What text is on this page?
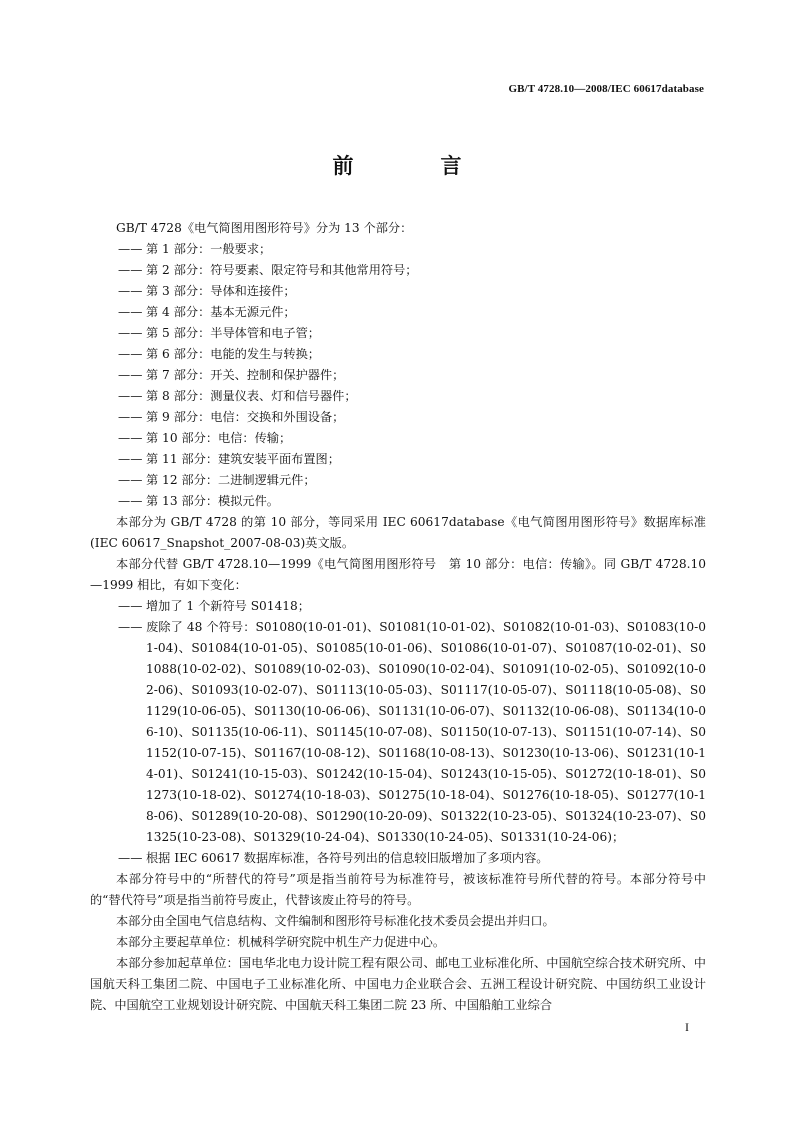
GB/T 4728.10—2008/IEC 60617database
前　言

GB/T 4728《电气简图用图形符号》分为 13 个部分：

—— 第 1 部分：一般要求；

—— 第 2 部分：符号要素、限定符号和其他常用符号；

—— 第 3 部分：导体和连接件；

—— 第 4 部分：基本无源元件；

—— 第 5 部分：半导体管和电子管；

—— 第 6 部分：电能的发生与转换；

—— 第 7 部分：开关、控制和保护器件；

—— 第 8 部分：测量仪表、灯和信号器件；

—— 第 9 部分：电信：交换和外围设备；

—— 第 10 部分：电信：传输；

—— 第 11 部分：建筑安装平面布置图；

—— 第 12 部分：二进制逻辑元件；

—— 第 13 部分：模拟元件。

本部分为 GB/T 4728 的第 10 部分，等同采用 IEC 60617database《电气简图用图形符号》数据库标准(IEC 60617_Snapshot_2007-08-03)英文版。

本部分代替 GB/T 4728.10—1999《电气简图用图形符号　第 10 部分：电信：传输》。同 GB/T 4728.10—1999 相比，有如下变化：

—— 增加了 1 个新符号 S01418；

—— 废除了 48 个符号：S01080(10-01-01)、S01081(10-01-02)、S01082(10-01-03)、S01083(10-01-04)、S01084(10-01-05)、S01085(10-01-06)、S01086(10-01-07)、S01087(10-02-01)、S01088(10-02-02)、S01089(10-02-03)、S01090(10-02-04)、S01091(10-02-05)、S01092(10-02-06)、S01093(10-02-07)、S01113(10-05-03)、S01117(10-05-07)、S01118(10-05-08)、S01129(10-06-05)、S01130(10-06-06)、S01131(10-06-07)、S01132(10-06-08)、S01134(10-06-10)、S01135(10-06-11)、S01145(10-07-08)、S01150(10-07-13)、S01151(10-07-14)、S01152(10-07-15)、S01167(10-08-12)、S01168(10-08-13)、S01230(10-13-06)、S01231(10-14-01)、S01241(10-15-03)、S01242(10-15-04)、S01243(10-15-05)、S01272(10-18-01)、S01273(10-18-02)、S01274(10-18-03)、S01275(10-18-04)、S01276(10-18-05)、S01277(10-18-06)、S01289(10-20-08)、S01290(10-20-09)、S01322(10-23-05)、S01324(10-23-07)、S01325(10-23-08)、S01329(10-24-04)、S01330(10-24-05)、S01331(10-24-06)；

—— 根据 IEC 60617 数据库标准，各符号列出的信息较旧版增加了多项内容。

本部分符号中的“所替代的符号”项是指当前符号为标准符号，被该标准符号所代替的符号。本部分符号中的“替代符号”项是指当前符号废止，代替该废止符号的符号。

本部分由全国电气信息结构、文件编制和图形符号标准化技术委员会提出并归口。

本部分主要起草单位：机械科学研究院中机生产力促进中心。

本部分参加起草单位：国电华北电力设计院工程有限公司、邮电工业标准化所、中国航空综合技术研究所、中国航天科工集团二院、中国电子工业标准化所、中国电力企业联合会、五洲工程设计研究院、中国纺织工业设计院、中国航空工业规划设计研究院、中国航天科工集团二院 23 所、中国船舶工业综合

I
